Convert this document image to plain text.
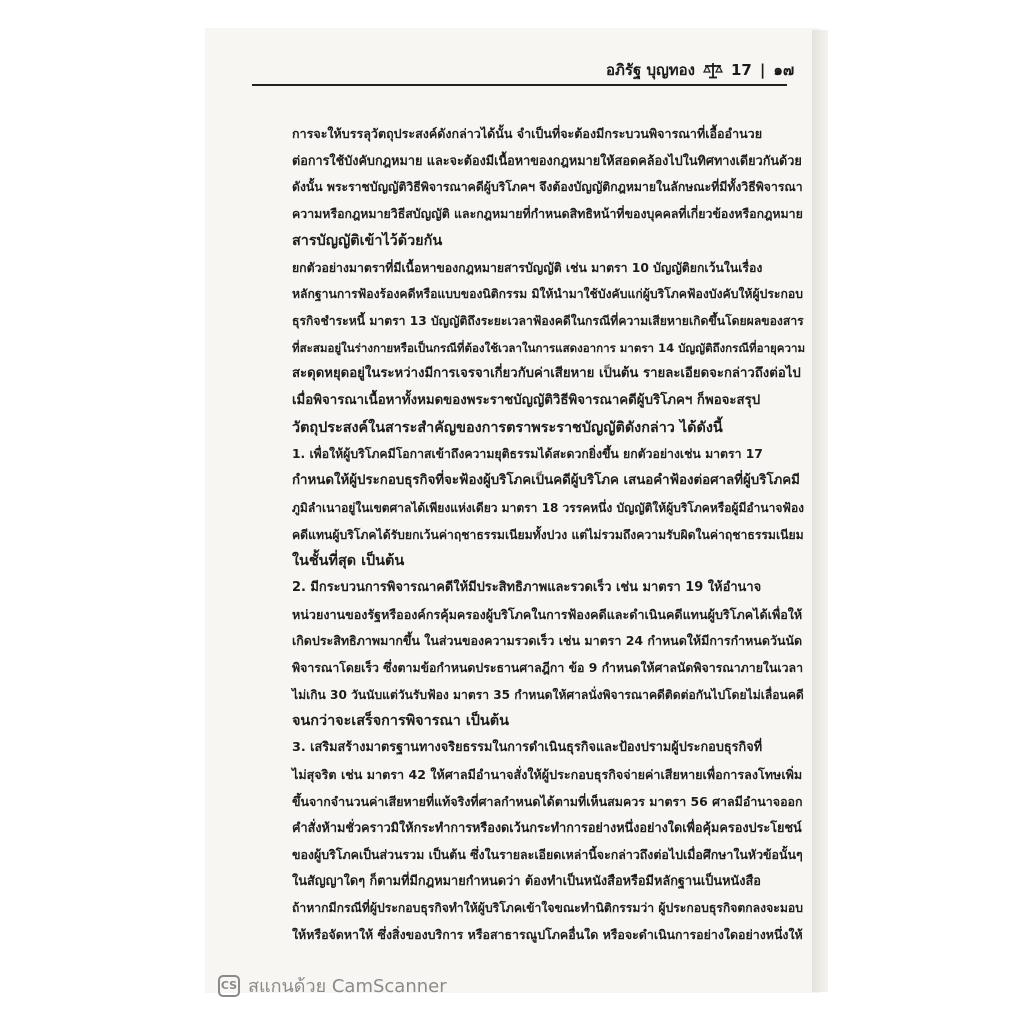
อภิรัฐ บุญทอง 17 | ๑๗

การจะให้บรรลุวัตถุประสงค์ดังกล่าวได้นั้น จำเป็นที่จะต้องมีกระบวนพิจารณาที่เอื้ออำนวย
ต่อการใช้บังคับกฎหมาย และจะต้องมีเนื้อหาของกฎหมายให้สอดคล้องไปในทิศทางเดียวกันด้วย
ดังนั้น พระราชบัญญัติวิธีพิจารณาคดีผู้บริโภคฯ จึงต้องบัญญัติกฎหมายในลักษณะที่มีทั้งวิธีพิจารณา
ความหรือกฎหมายวิธีสบัญญัติ และกฎหมายที่กำหนดสิทธิหน้าที่ของบุคคลที่เกี่ยวข้องหรือกฎหมาย
สารบัญญัติเข้าไว้ด้วยกัน

ยกตัวอย่างมาตราที่มีเนื้อหาของกฎหมายสารบัญญัติ เช่น มาตรา 10 บัญญัติยกเว้นในเรื่อง
หลักฐานการฟ้องร้องคดีหรือแบบของนิติกรรม มิให้นำมาใช้บังคับแก่ผู้บริโภคฟ้องบังคับให้ผู้ประกอบ
ธุรกิจชำระหนี้ มาตรา 13 บัญญัติถึงระยะเวลาฟ้องคดีในกรณีที่ความเสียหายเกิดขึ้นโดยผลของสาร
ที่สะสมอยู่ในร่างกายหรือเป็นกรณีที่ต้องใช้เวลาในการแสดงอาการ มาตรา 14 บัญญัติถึงกรณีที่อายุความ
สะดุดหยุดอยู่ในระหว่างมีการเจรจาเกี่ยวกับค่าเสียหาย เป็นต้น รายละเอียดจะกล่าวถึงต่อไป

เมื่อพิจารณาเนื้อหาทั้งหมดของพระราชบัญญัติวิธีพิจารณาคดีผู้บริโภคฯ ก็พอจะสรุป
วัตถุประสงค์ในสาระสำคัญของการตราพระราชบัญญัติดังกล่าว ได้ดังนี้

1. เพื่อให้ผู้บริโภคมีโอกาสเข้าถึงความยุติธรรมได้สะดวกยิ่งขึ้น ยกตัวอย่างเช่น มาตรา 17
กำหนดให้ผู้ประกอบธุรกิจที่จะฟ้องผู้บริโภคเป็นคดีผู้บริโภค เสนอคำฟ้องต่อศาลที่ผู้บริโภคมี
ภูมิลำเนาอยู่ในเขตศาลได้เพียงแห่งเดียว มาตรา 18 วรรคหนึ่ง บัญญัติให้ผู้บริโภคหรือผู้มีอำนาจฟ้อง
คดีแทนผู้บริโภคได้รับยกเว้นค่าฤชาธรรมเนียมทั้งปวง แต่ไม่รวมถึงความรับผิดในค่าฤชาธรรมเนียม
ในชั้นที่สุด เป็นต้น

2. มีกระบวนการพิจารณาคดีให้มีประสิทธิภาพและรวดเร็ว เช่น มาตรา 19 ให้อำนาจ
หน่วยงานของรัฐหรือองค์กรคุ้มครองผู้บริโภคในการฟ้องคดีและดำเนินคดีแทนผู้บริโภคได้เพื่อให้
เกิดประสิทธิภาพมากขึ้น ในส่วนของความรวดเร็ว เช่น มาตรา 24 กำหนดให้มีการกำหนดวันนัด
พิจารณาโดยเร็ว ซึ่งตามข้อกำหนดประธานศาลฎีกา ข้อ 9 กำหนดให้ศาลนัดพิจารณาภายในเวลา
ไม่เกิน 30 วันนับแต่วันรับฟ้อง มาตรา 35 กำหนดให้ศาลนั่งพิจารณาคดีติดต่อกันไปโดยไม่เลื่อนคดี
จนกว่าจะเสร็จการพิจารณา เป็นต้น

3. เสริมสร้างมาตรฐานทางจริยธรรมในการดำเนินธุรกิจและป้องปรามผู้ประกอบธุรกิจที่
ไม่สุจริต เช่น มาตรา 42 ให้ศาลมีอำนาจสั่งให้ผู้ประกอบธุรกิจจ่ายค่าเสียหายเพื่อการลงโทษเพิ่ม
ขึ้นจากจำนวนค่าเสียหายที่แท้จริงที่ศาลกำหนดได้ตามที่เห็นสมควร มาตรา 56 ศาลมีอำนาจออก
คำสั่งห้ามชั่วคราวมิให้กระทำการหรืองดเว้นกระทำการอย่างหนึ่งอย่างใดเพื่อคุ้มครองประโยชน์
ของผู้บริโภคเป็นส่วนรวม เป็นต้น ซึ่งในรายละเอียดเหล่านี้จะกล่าวถึงต่อไปเมื่อศึกษาในหัวข้อนั้นๆ

ในสัญญาใดๆ ก็ตามที่มีกฎหมายกำหนดว่า ต้องทำเป็นหนังสือหรือมีหลักฐานเป็นหนังสือ
ถ้าหากมีกรณีที่ผู้ประกอบธุรกิจทำให้ผู้บริโภคเข้าใจขณะทำนิติกรรมว่า ผู้ประกอบธุรกิจตกลงจะมอบ
ให้หรือจัดหาให้ ซึ่งสิ่งของบริการ หรือสาธารณูปโภคอื่นใด หรือจะดำเนินการอย่างใดอย่างหนึ่งให้

CS สแกนด้วย CamScanner
